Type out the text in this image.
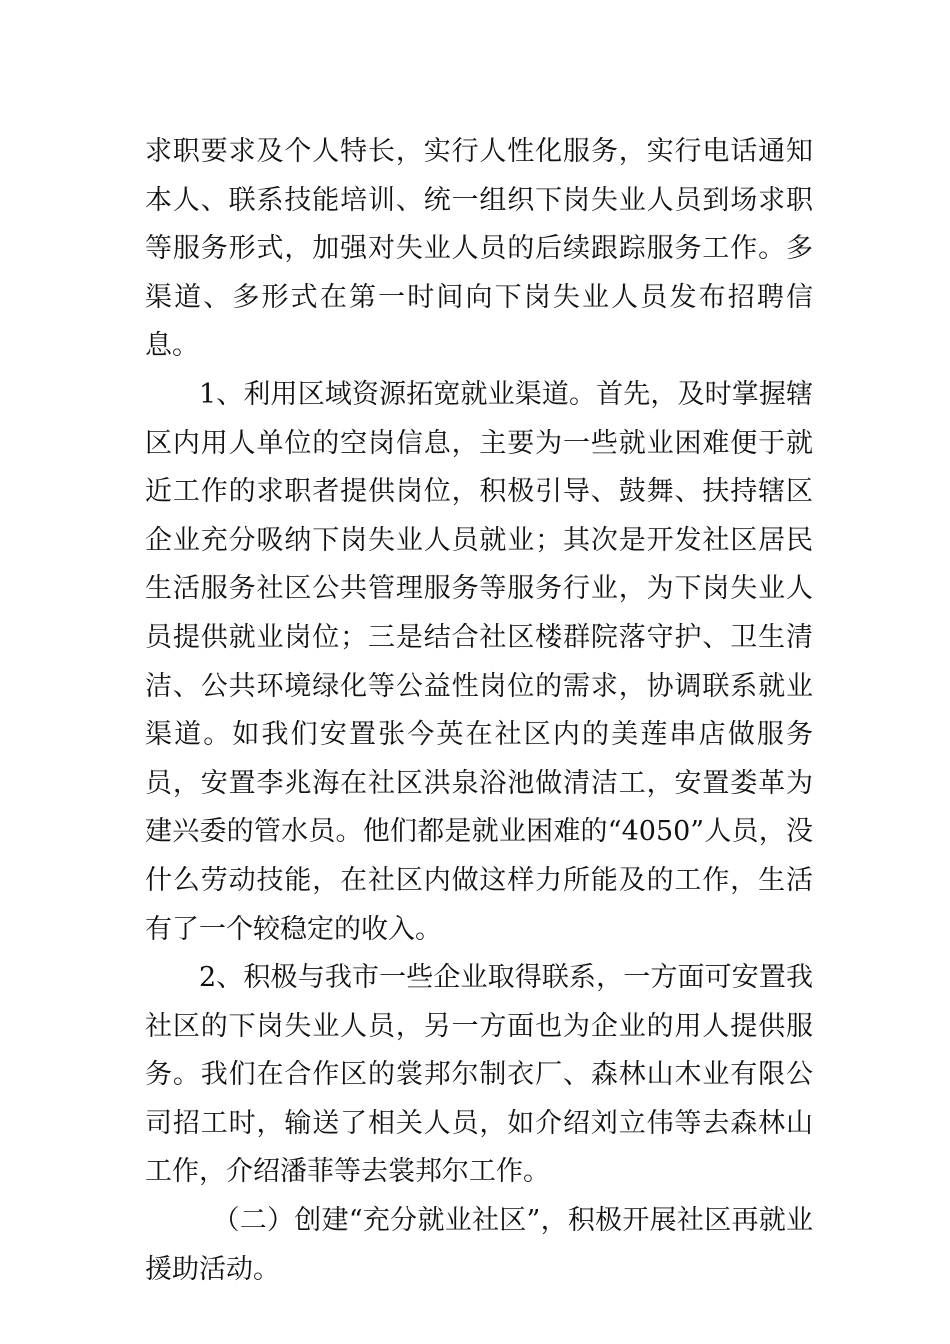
求职要求及个人特长，实行人性化服务，实行电话通知本人、联系技能培训、统一组织下岗失业人员到场求职等服务形式，加强对失业人员的后续跟踪服务工作。多渠道、多形式在第一时间向下岗失业人员发布招聘信息。

1、利用区域资源拓宽就业渠道。首先，及时掌握辖区内用人单位的空岗信息，主要为一些就业困难便于就近工作的求职者提供岗位，积极引导、鼓舞、扶持辖区企业充分吸纳下岗失业人员就业；其次是开发社区居民生活服务社区公共管理服务等服务行业，为下岗失业人员提供就业岗位；三是结合社区楼群院落守护、卫生清洁、公共环境绿化等公益性岗位的需求，协调联系就业渠道。如我们安置张今英在社区内的美莲串店做服务员，安置李兆海在社区洪泉浴池做清洁工，安置娄革为建兴委的管水员。他们都是就业困难的“4050”人员，没什么劳动技能，在社区内做这样力所能及的工作，生活有了一个较稳定的收入。

2、积极与我市一些企业取得联系，一方面可安置我社区的下岗失业人员，另一方面也为企业的用人提供服务。我们在合作区的裳邦尔制衣厂、森林山木业有限公司招工时，输送了相关人员，如介绍刘立伟等去森林山工作，介绍潘菲等去裳邦尔工作。

（二）创建“充分就业社区”，积极开展社区再就业援助活动。
